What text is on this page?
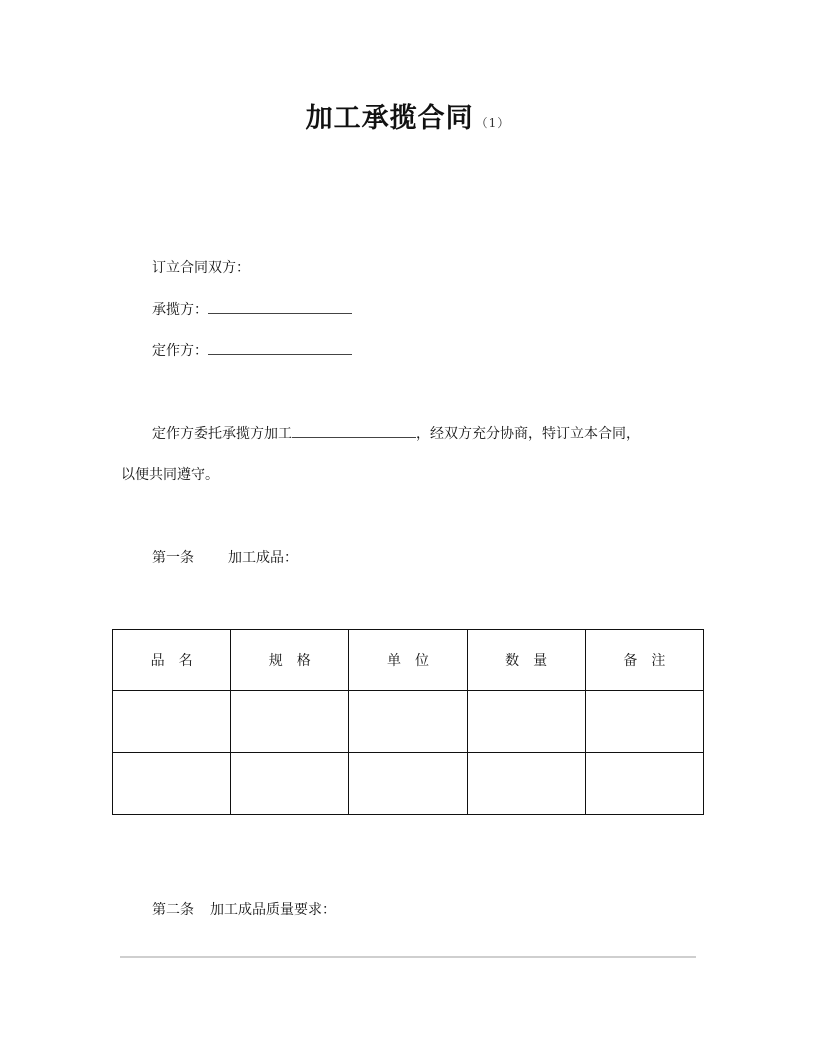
加工承揽合同 （1）
订立合同双方：
承揽方：
定作方：
定作方委托承揽方加工	，经双方充分协商，特订立本合同，
以便共同遵守。
第一条 加工成品：
品名	规格	单位	数量	备注

第二条 加工成品质量要求：
